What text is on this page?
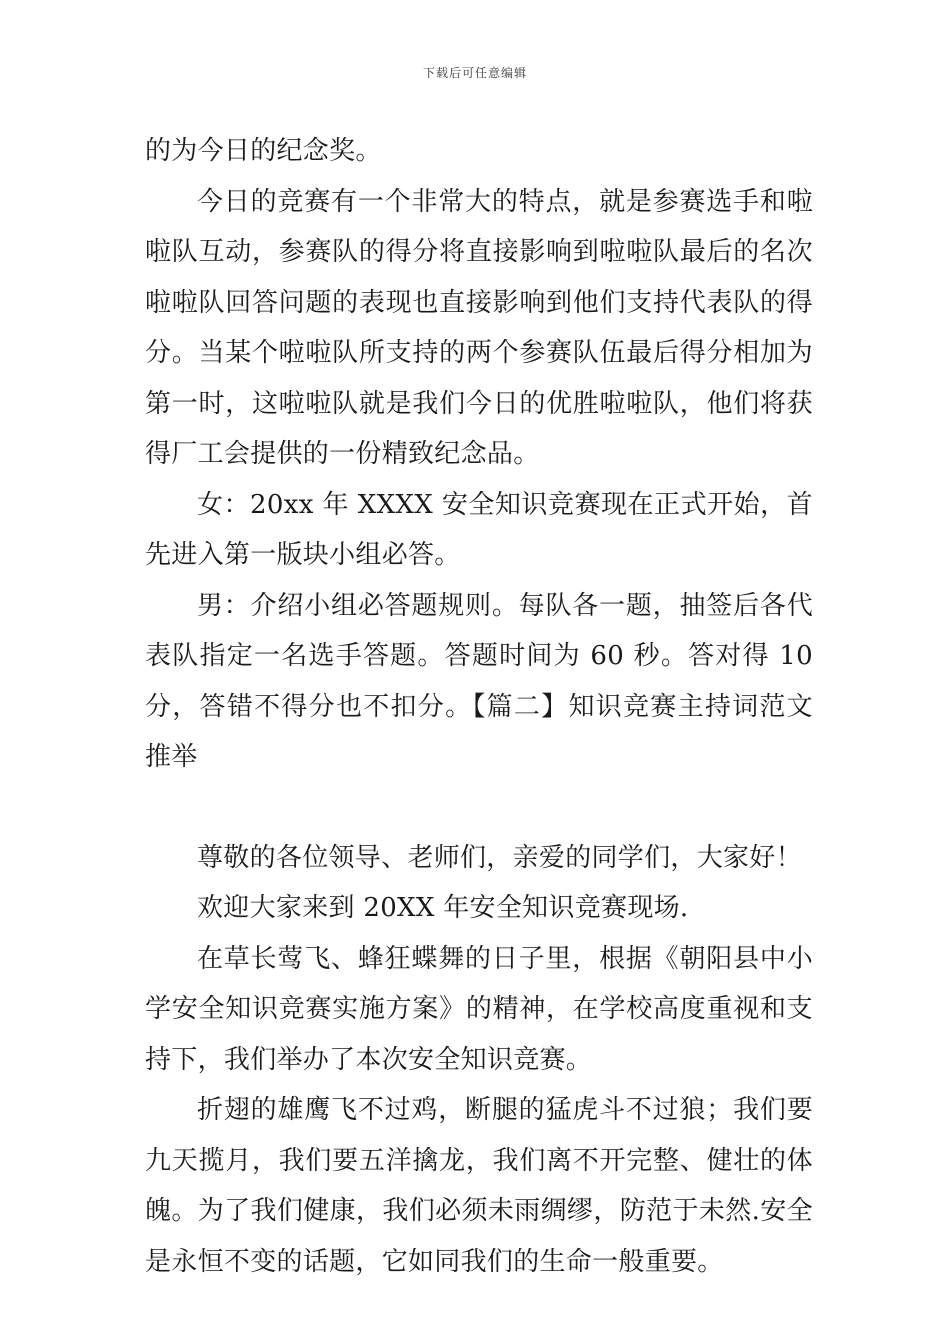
下载后可任意编辑

的为今日的纪念奖。

今日的竞赛有一个非常大的特点，就是参赛选手和啦啦队互动，参赛队的得分将直接影响到啦啦队最后的名次啦啦队回答问题的表现也直接影响到他们支持代表队的得分。当某个啦啦队所支持的两个参赛队伍最后得分相加为第一时，这啦啦队就是我们今日的优胜啦啦队，他们将获得厂工会提供的一份精致纪念品。

女：20xx 年 XXXX 安全知识竞赛现在正式开始，首先进入第一版块小组必答。

男：介绍小组必答题规则。每队各一题，抽签后各代表队指定一名选手答题。答题时间为 60 秒。答对得 10 分，答错不得分也不扣分。【篇二】知识竞赛主持词范文推举

尊敬的各位领导、老师们，亲爱的同学们，大家好！

欢迎大家来到 20XX 年安全知识竞赛现场.

在草长莺飞、蜂狂蝶舞的日子里，根据《朝阳县中小学安全知识竞赛实施方案》的精神，在学校高度重视和支持下，我们举办了本次安全知识竞赛。

折翅的雄鹰飞不过鸡，断腿的猛虎斗不过狼；我们要九天揽月，我们要五洋擒龙，我们离不开完整、健壮的体魄。为了我们健康，我们必须未雨绸缪，防范于未然.安全是永恒不变的话题，它如同我们的生命一般重要。
